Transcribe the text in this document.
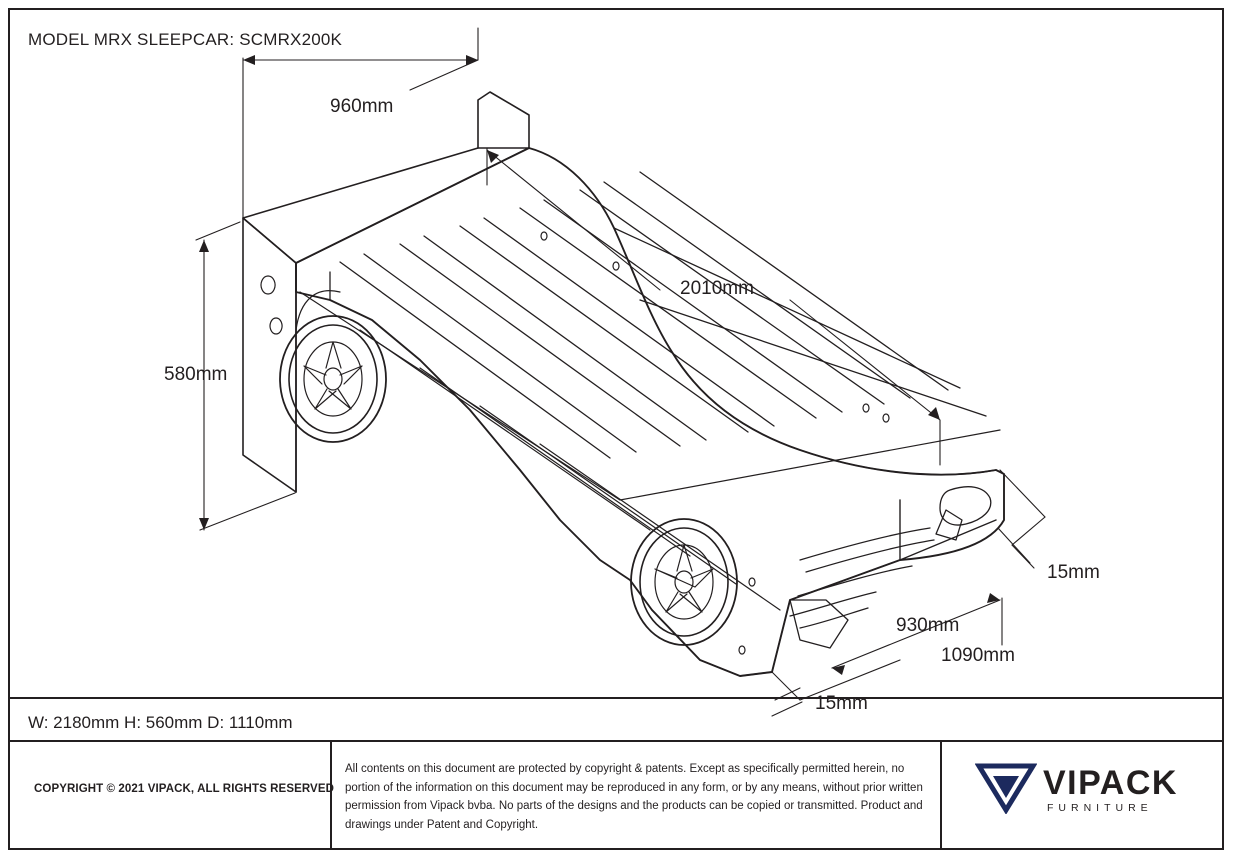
MODEL MRX SLEEPCAR: SCMRX200K
W: 2180mm H: 560mm D: 1110mm
COPYRIGHT © 2021 VIPACK, ALL RIGHTS RESERVED
All contents on this document are protected by copyright & patents. Except as specifically permitted herein, no portion of the information on this document may be reproduced in any form, or by any means, without prior written permission from Vipack bvba. No parts of the designs and the products can be copied or transmitted. Product and drawings under Patent and Copyright.
VIPACK
FURNITURE
960mm
580mm
2010mm
15mm
930mm
1090mm
15mm
